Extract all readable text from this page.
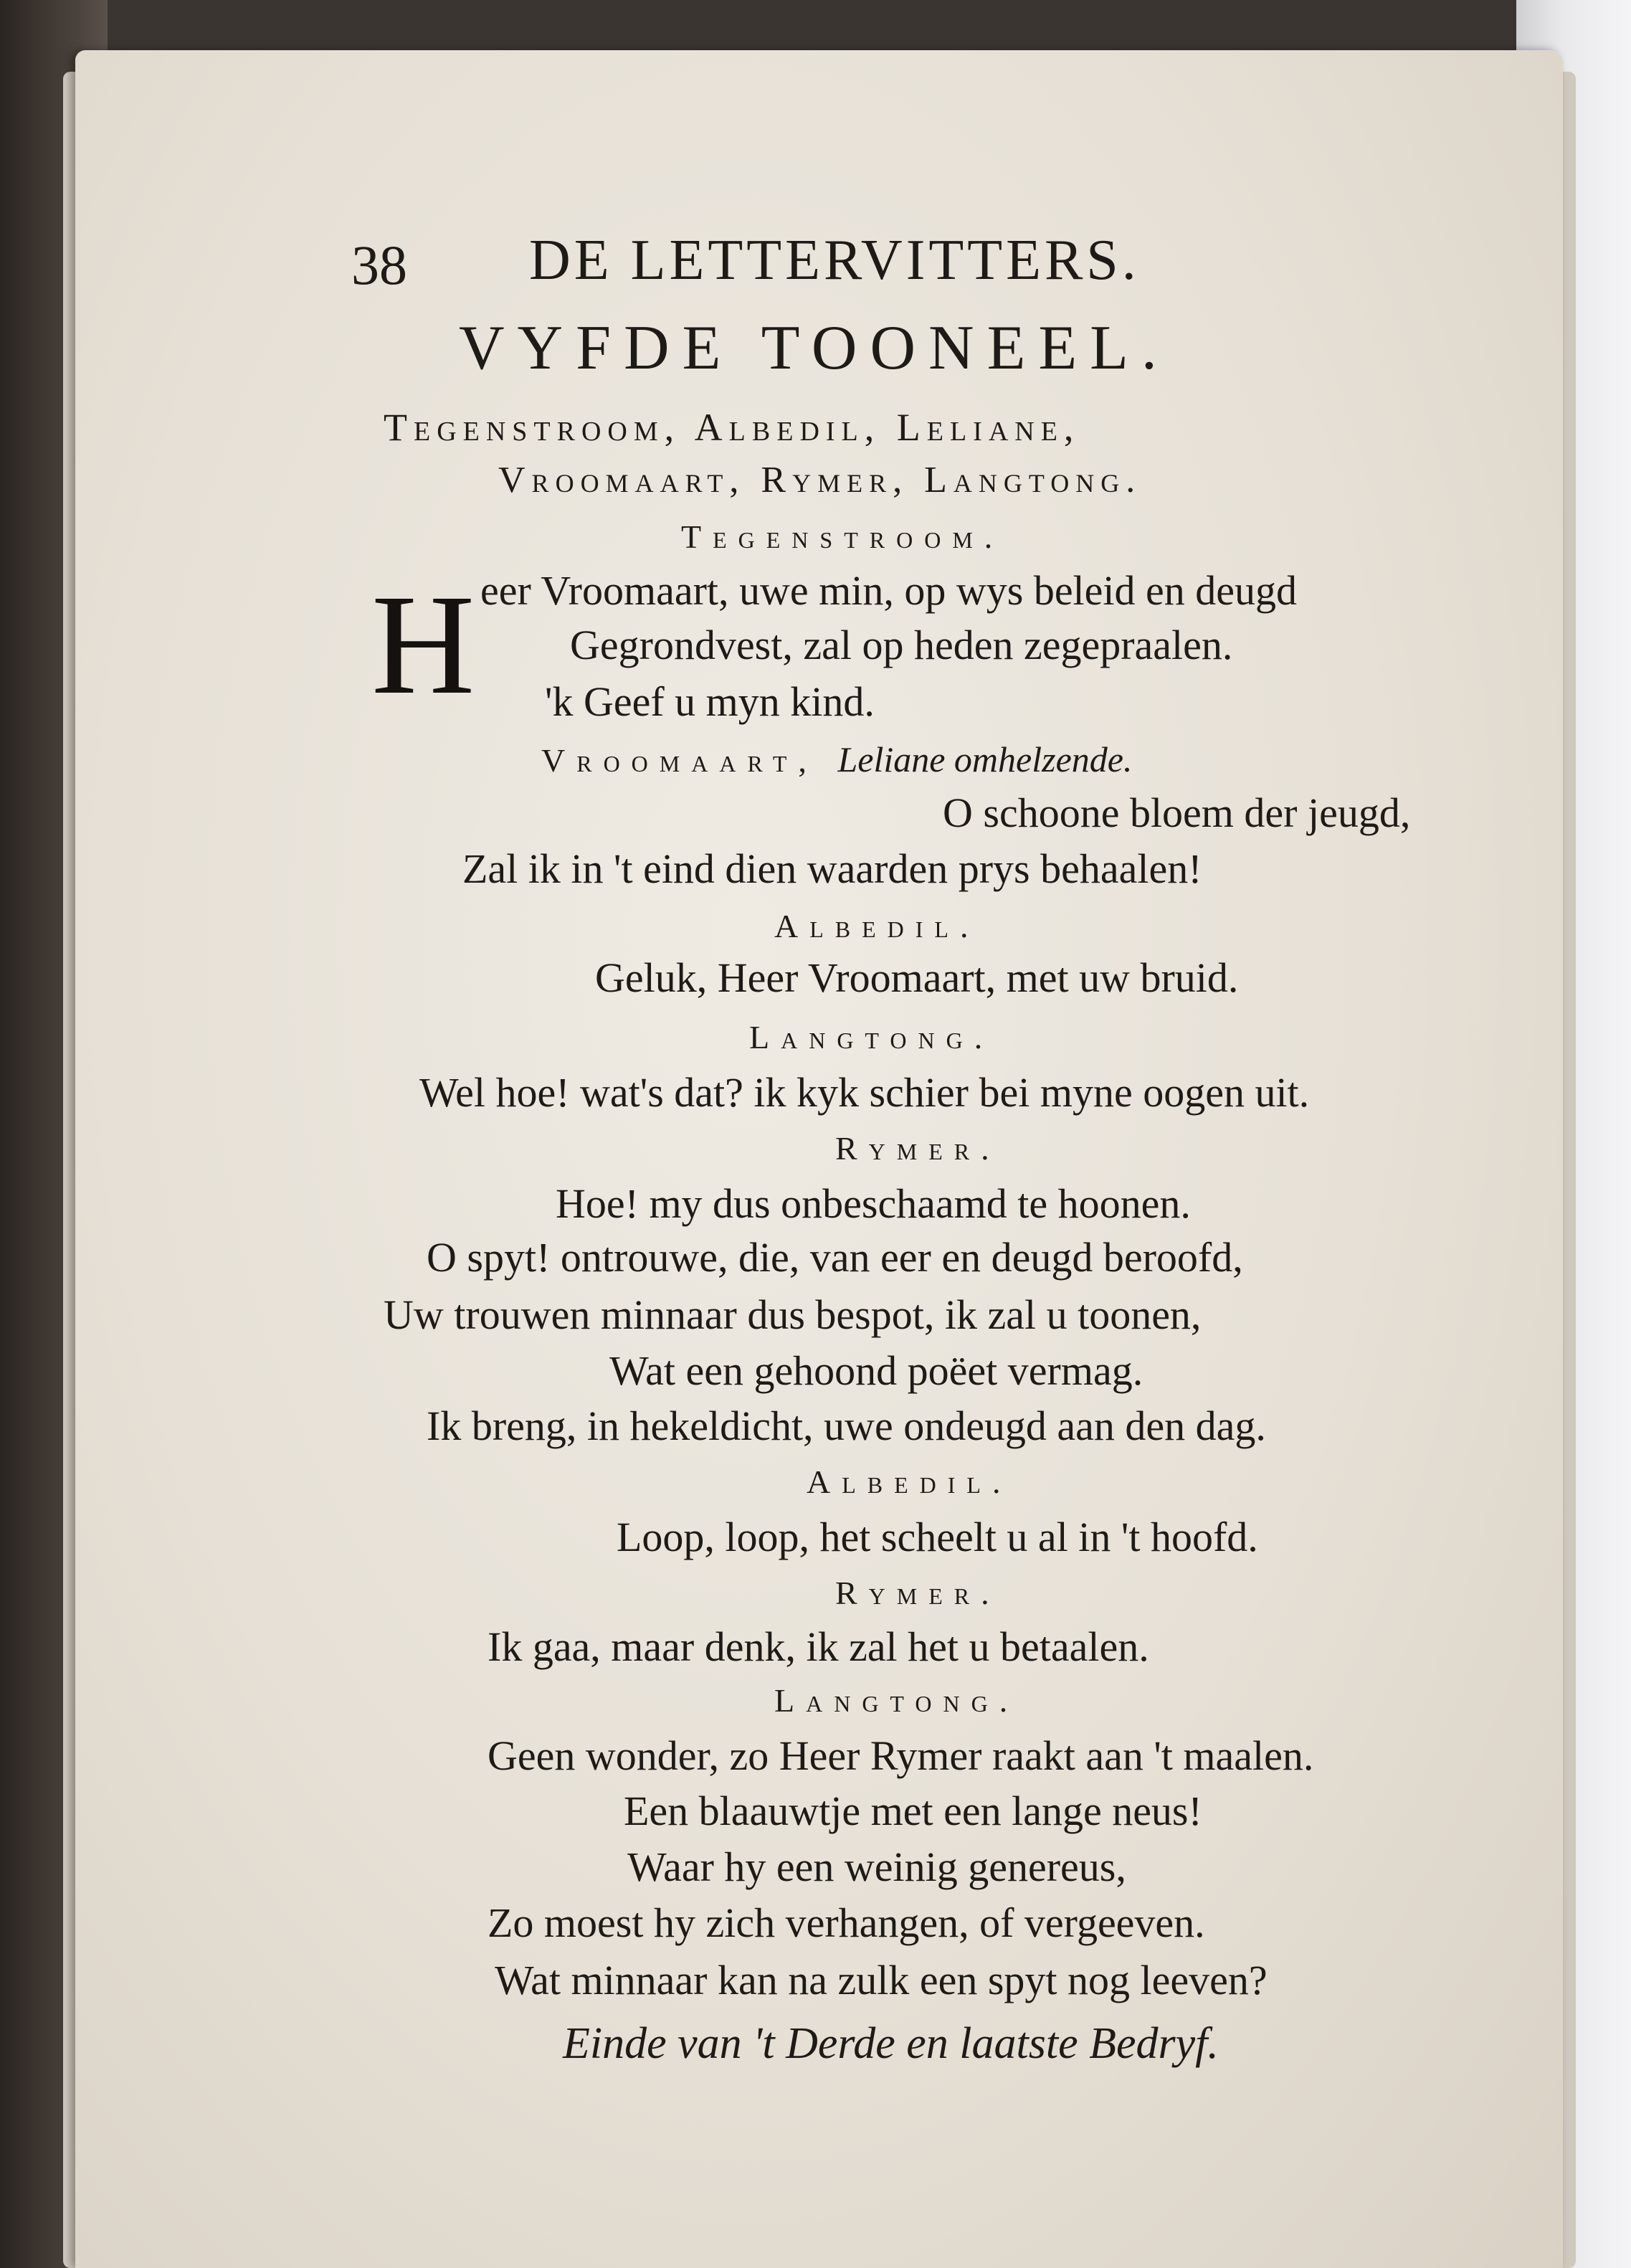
38 DE LETTERVITTERS.
VYFDE TOONEEL.
Tegenstroom, Albedil, Leliane,
Vroomaart, Rymer, Langtong.
Tegenstroom.
H eer Vroomaart, uwe min, op wys beleid en deugd
Gegrondvest, zal op heden zegepraalen.
'k Geef u myn kind.
Vroomaart, Leliane omhelzende.
O schoone bloem der jeugd,
Zal ik in 't eind dien waarden prys behaalen!
Albedil.
Geluk, Heer Vroomaart, met uw bruid.
Langtong.
Wel hoe! wat's dat? ik kyk schier bei myne oogen uit.
Rymer.
Hoe! my dus onbeschaamd te hoonen.
O spyt! ontrouwe, die, van eer en deugd beroofd,
Uw trouwen minnaar dus bespot, ik zal u toonen,
Wat een gehoond poëet vermag.
Ik breng, in hekeldicht, uwe ondeugd aan den dag.
Albedil.
Loop, loop, het scheelt u al in 't hoofd.
Rymer.
Ik gaa, maar denk, ik zal het u betaalen.
Langtong.
Geen wonder, zo Heer Rymer raakt aan 't maalen.
Een blaauwtje met een lange neus!
Waar hy een weinig genereus,
Zo moest hy zich verhangen, of vergeeven.
Wat minnaar kan na zulk een spyt nog leeven?
Einde van 't Derde en laatste Bedryf.
